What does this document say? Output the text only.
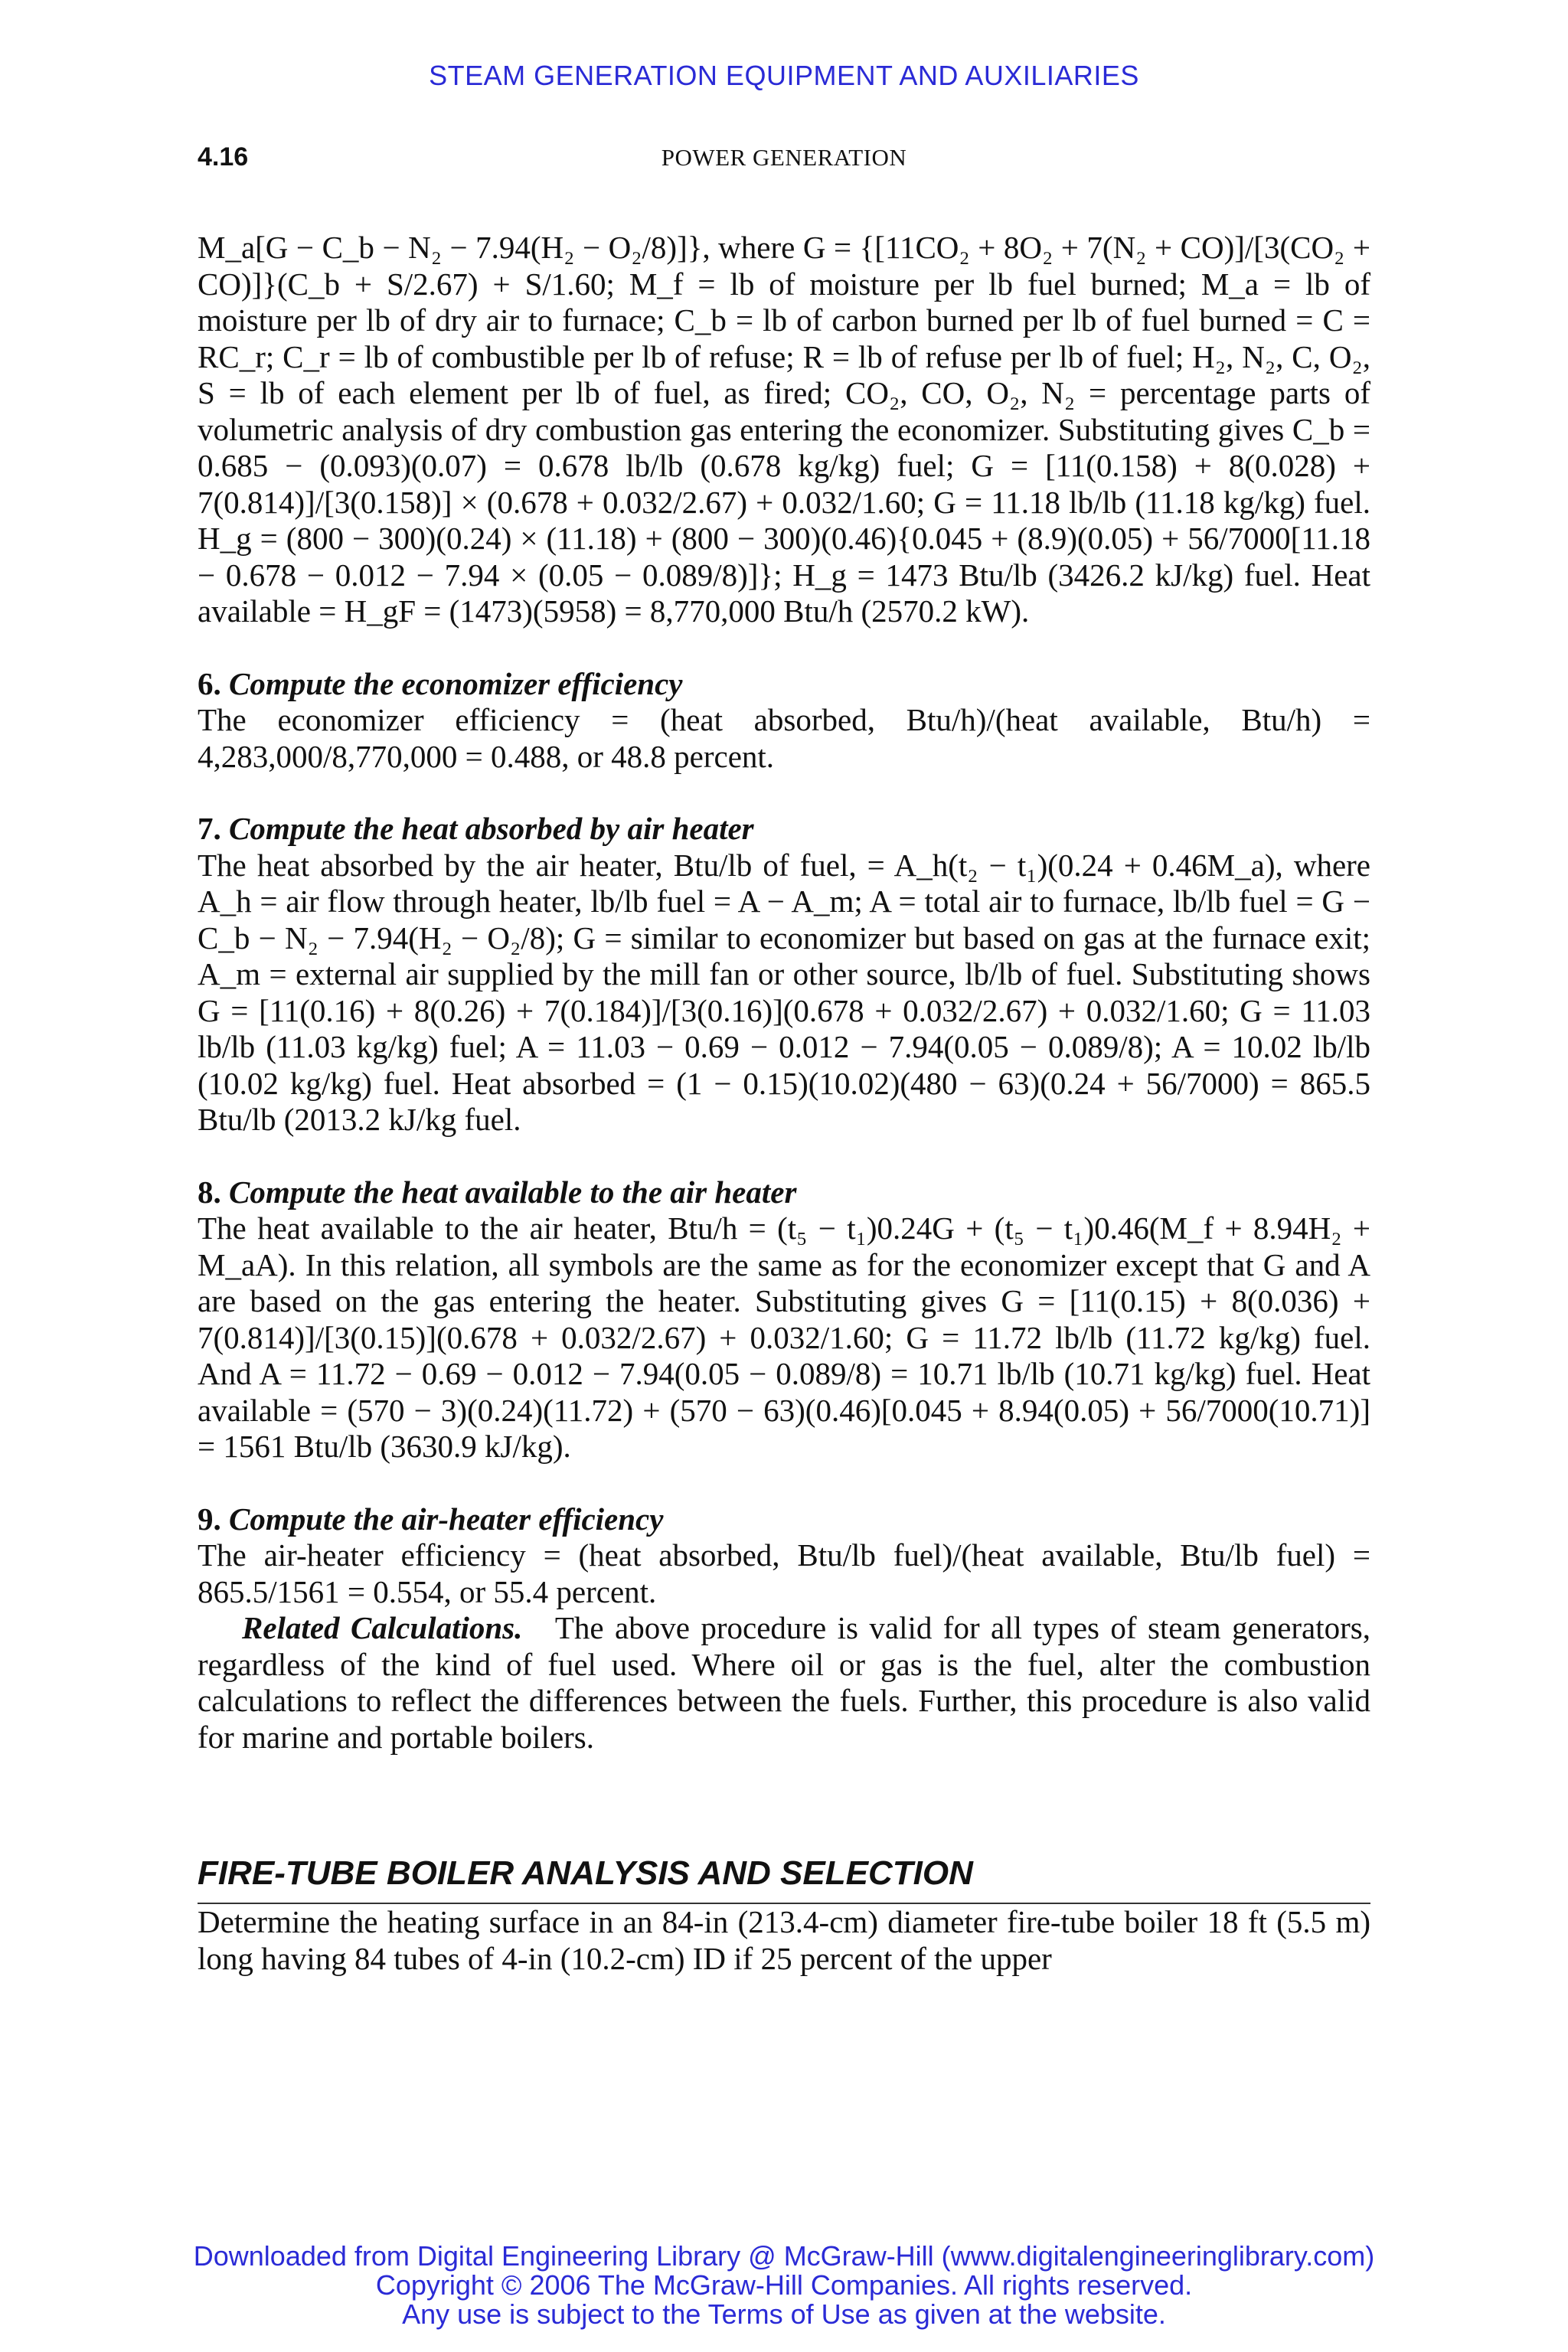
STEAM GENERATION EQUIPMENT AND AUXILIARIES
4.16	POWER GENERATION

M_a[G − C_b − N₂ − 7.94(H₂ − O₂/8)]}, where G = {[11CO₂ + 8O₂ + 7(N₂ + CO)]/[3(CO₂ + CO)]}(C_b + S/2.67) + S/1.60; M_f = lb of moisture per lb fuel burned; M_a = lb of moisture per lb of dry air to furnace; C_b = lb of carbon burned per lb of fuel burned = C = RC_r; C_r = lb of combustible per lb of refuse; R = lb of refuse per lb of fuel; H₂, N₂, C, O₂, S = lb of each element per lb of fuel, as fired; CO₂, CO, O₂, N₂ = percentage parts of volumetric analysis of dry combustion gas entering the economizer. Substituting gives C_b = 0.685 − (0.093)(0.07) = 0.678 lb/lb (0.678 kg/kg) fuel; G = [11(0.158) + 8(0.028) + 7(0.814)]/[3(0.158)] × (0.678 + 0.032/2.67) + 0.032/1.60; G = 11.18 lb/lb (11.18 kg/kg) fuel. H_g = (800 − 300)(0.24) × (11.18) + (800 − 300)(0.46){0.045 + (8.9)(0.05) + 56/7000[11.18 − 0.678 − 0.012 − 7.94 × (0.05 − 0.089/8)]}; H_g = 1473 Btu/lb (3426.2 kJ/kg) fuel. Heat available = H_gF = (1473)(5958) = 8,770,000 Btu/h (2570.2 kW).

6. Compute the economizer efficiency

The economizer efficiency = (heat absorbed, Btu/h)/(heat available, Btu/h) = 4,283,000/8,770,000 = 0.488, or 48.8 percent.

7. Compute the heat absorbed by air heater

The heat absorbed by the air heater, Btu/lb of fuel, = A_h(t₂ − t₁)(0.24 + 0.46M_a), where A_h = air flow through heater, lb/lb fuel = A − A_m; A = total air to furnace, lb/lb fuel = G − C_b − N₂ − 7.94(H₂ − O₂/8); G = similar to economizer but based on gas at the furnace exit; A_m = external air supplied by the mill fan or other source, lb/lb of fuel. Substituting shows G = [11(0.16) + 8(0.26) + 7(0.184)]/[3(0.16)](0.678 + 0.032/2.67) + 0.032/1.60; G = 11.03 lb/lb (11.03 kg/kg) fuel; A = 11.03 − 0.69 − 0.012 − 7.94(0.05 − 0.089/8); A = 10.02 lb/lb (10.02 kg/kg) fuel. Heat absorbed = (1 − 0.15)(10.02)(480 − 63)(0.24 + 56/7000) = 865.5 Btu/lb (2013.2 kJ/kg fuel.

8. Compute the heat available to the air heater

The heat available to the air heater, Btu/h = (t₅ − t₁)0.24G + (t₅ − t₁)0.46(M_f + 8.94H₂ + M_aA). In this relation, all symbols are the same as for the economizer except that G and A are based on the gas entering the heater. Substituting gives G = [11(0.15) + 8(0.036) + 7(0.814)]/[3(0.15)](0.678 + 0.032/2.67) + 0.032/1.60; G = 11.72 lb/lb (11.72 kg/kg) fuel. And A = 11.72 − 0.69 − 0.012 − 7.94(0.05 − 0.089/8) = 10.71 lb/lb (10.71 kg/kg) fuel. Heat available = (570 − 3)(0.24)(11.72) + (570 − 63)(0.46)[0.045 + 8.94(0.05) + 56/7000(10.71)] = 1561 Btu/lb (3630.9 kJ/kg).

9. Compute the air-heater efficiency

The air-heater efficiency = (heat absorbed, Btu/lb fuel)/(heat available, Btu/lb fuel) = 865.5/1561 = 0.554, or 55.4 percent.

Related Calculations. The above procedure is valid for all types of steam generators, regardless of the kind of fuel used. Where oil or gas is the fuel, alter the combustion calculations to reflect the differences between the fuels. Further, this procedure is also valid for marine and portable boilers.

FIRE-TUBE BOILER ANALYSIS AND SELECTION

Determine the heating surface in an 84-in (213.4-cm) diameter fire-tube boiler 18 ft (5.5 m) long having 84 tubes of 4-in (10.2-cm) ID if 25 percent of the upper

Downloaded from Digital Engineering Library @ McGraw-Hill (www.digitalengineeringlibrary.com)
Copyright © 2006 The McGraw-Hill Companies. All rights reserved.
Any use is subject to the Terms of Use as given at the website.
